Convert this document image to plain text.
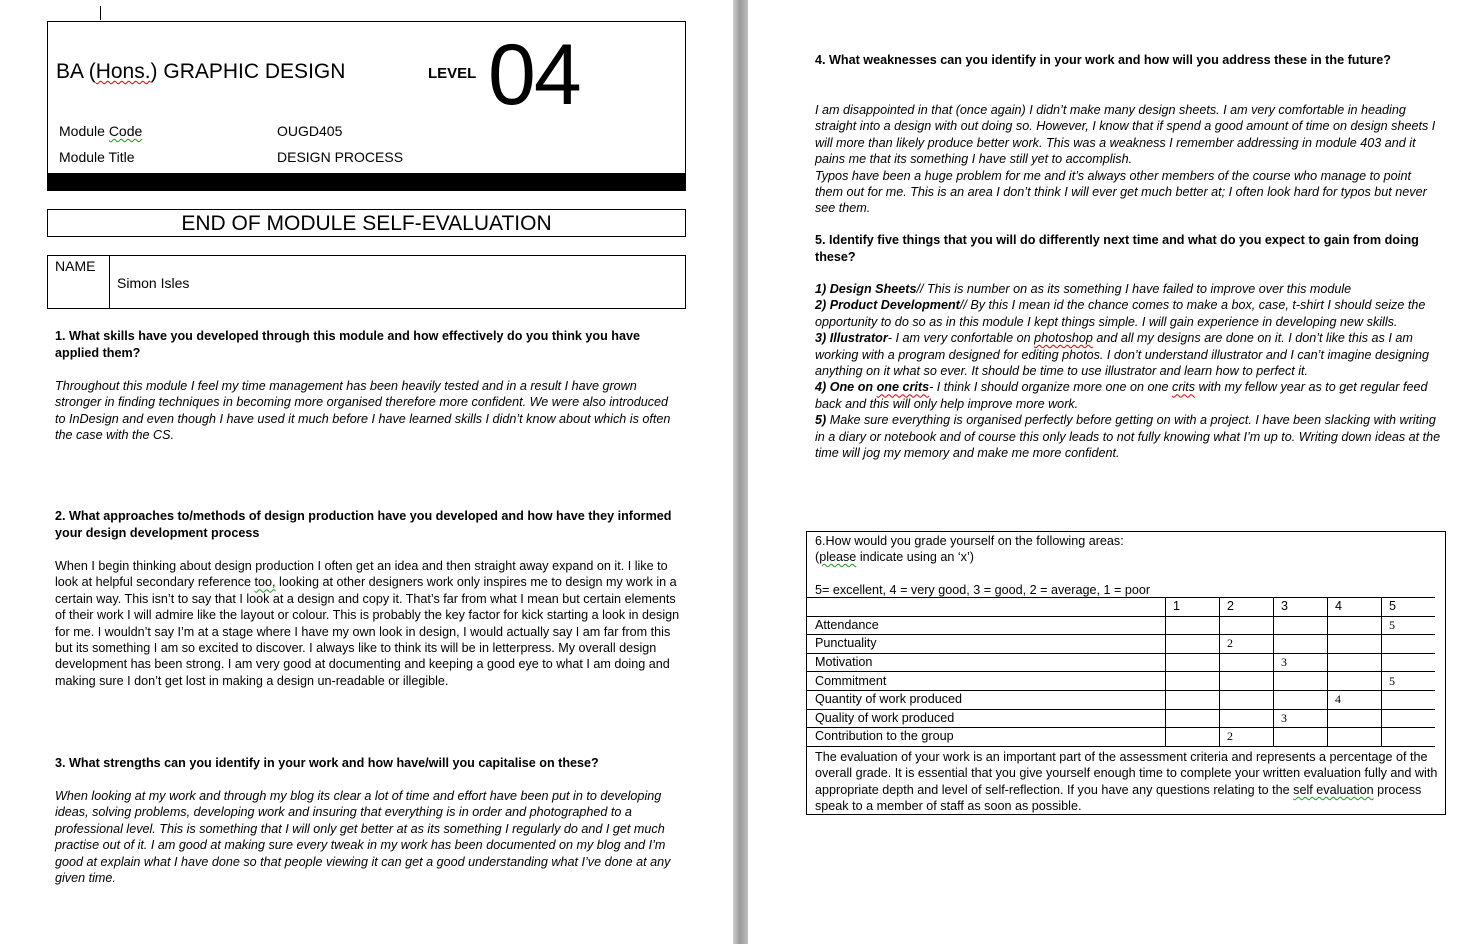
BA (Hons.) GRAPHIC DESIGN	LEVEL 04
Module Code	OUGD405
Module Title	DESIGN PROCESS
END OF MODULE SELF-EVALUATION
NAME
Simon Isles
1. What skills have you developed through this module and how effectively do you think you have applied them?
Throughout this module I feel my time management has been heavily tested and in a result I have grown stronger in finding techniques in becoming more organised therefore more confident. We were also introduced to InDesign and even though I have used it much before I have learned skills I didn’t know about which is often the case with the CS.
2. What approaches to/methods of design production have you developed and how have they informed your design development process
When I begin thinking about design production I often get an idea and then straight away expand on it. I like to look at helpful secondary reference too, looking at other designers work only inspires me to design my work in a certain way. This isn’t to say that I look at a design and copy it. That’s far from what I mean but certain elements of their work I will admire like the layout or colour. This is probably the key factor for kick starting a look in design for me. I wouldn’t say I’m at a stage where I have my own look in design, I would actually say I am far from this but its something I am so excited to discover. I always like to think its will be in letterpress. My overall design development has been strong. I am very good at documenting and keeping a good eye to what I am doing and making sure I don’t get lost in making a design un-readable or illegible.
3. What strengths can you identify in your work and how have/will you capitalise on these?
When looking at my work and through my blog its clear a lot of time and effort have been put in to developing ideas, solving problems, developing work and insuring that everything is in order and photographed to a professional level. This is something that I will only get better at as its something I regularly do and I get much practise out of it. I am good at making sure every tweak in my work has been documented on my blog and I’m good at explain what I have done so that people viewing it can get a good understanding what I’ve done at any given time.
4. What weaknesses can you identify in your work and how will you address these in the future?

I am disappointed in that (once again) I didn’t make many design sheets. I am very comfortable in heading straight into a design with out doing so. However, I know that if spend a good amount of time on design sheets I will more than likely produce better work. This was a weakness I remember addressing in module 403 and it pains me that its something I have still yet to accomplish.

Typos have been a huge problem for me and it’s always other members of the course who manage to point them out for me. This is an area I don’t think I will ever get much better at; I often look hard for typos but never see them.

5. Identify five things that you will do differently next time and what do you expect to gain from doing these?

1) Design Sheets// This is number on as its something I have failed to improve over this module

2) Product Development// By this I mean id the chance comes to make a box, case, t-shirt I should seize the opportunity to do so as in this module I kept things simple. I will gain experience in developing new skills.

3) Illustrator- I am very confortable on photoshop and all my designs are done on it. I don’t like this as I am working with a program designed for editing photos. I don’t understand illustrator and I can’t imagine designing anything on it what so ever. It should be time to use illustrator and learn how to perfect it.

4) One on one crits- I think I should organize more one on one crits with my fellow year as to get regular feed back and this will only help improve more work.

5) Make sure everything is organised perfectly before getting on with a project. I have been slacking with writing in a diary or notebook and of course this only leads to not fully knowing what I’m up to. Writing down ideas at the time will jog my memory and make me more confident.

6.How would you grade yourself on the following areas:
(please indicate using an ‘x’)
5= excellent, 4 = very good, 3 = good, 2 = average, 1 = poor
	1	2	3	4	5
Attendance					5
Punctuality		2			
Motivation			3		
Commitment					5
Quantity of work produced				4	
Quality of work produced			3		
Contribution to the group		2			
The evaluation of your work is an important part of the assessment criteria and represents a percentage of the overall grade. It is essential that you give yourself enough time to complete your written evaluation fully and with appropriate depth and level of self-reflection. If you have any questions relating to the self evaluation process speak to a member of staff as soon as possible.
